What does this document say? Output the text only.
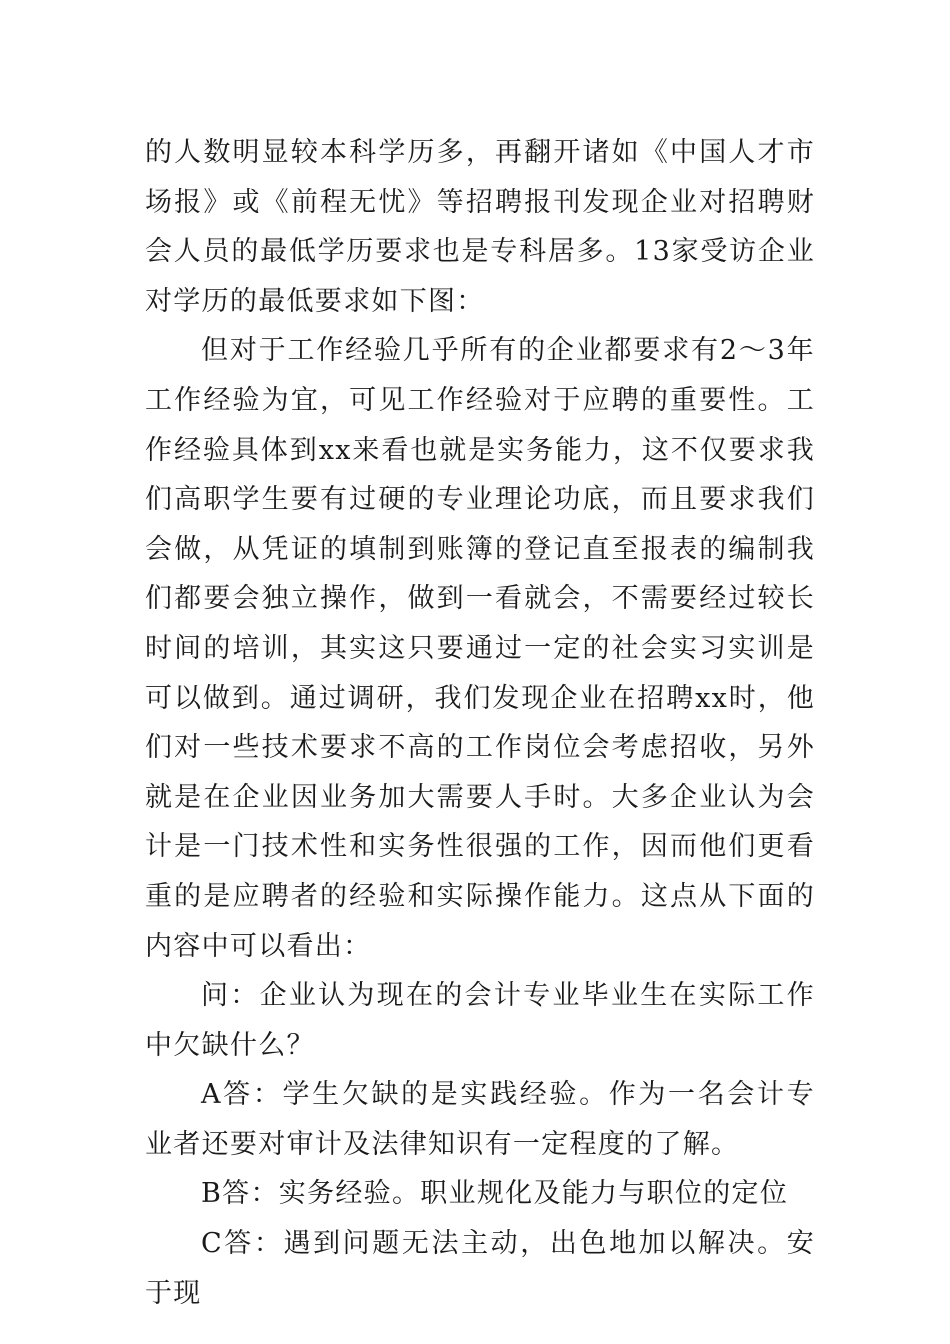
的人数明显较本科学历多，再翻开诸如《中国人才市场报》或《前程无忧》等招聘报刊发现企业对招聘财会人员的最低学历要求也是专科居多。13家受访企业对学历的最低要求如下图：

但对于工作经验几乎所有的企业都要求有2～3年工作经验为宜，可见工作经验对于应聘的重要性。工作经验具体到xx来看也就是实务能力，这不仅要求我们高职学生要有过硬的专业理论功底，而且要求我们会做，从凭证的填制到账簿的登记直至报表的编制我们都要会独立操作，做到一看就会，不需要经过较长时间的培训，其实这只要通过一定的社会实习实训是可以做到。通过调研，我们发现企业在招聘xx时，他们对一些技术要求不高的工作岗位会考虑招收，另外就是在企业因业务加大需要人手时。大多企业认为会计是一门技术性和实务性很强的工作，因而他们更看重的是应聘者的经验和实际操作能力。这点从下面的内容中可以看出：

问：企业认为现在的会计专业毕业生在实际工作中欠缺什么？

A答：学生欠缺的是实践经验。作为一名会计专业者还要对审计及法律知识有一定程度的了解。

B答：实务经验。职业规化及能力与职位的定位

C答：遇到问题无法主动，出色地加以解决。安于现
